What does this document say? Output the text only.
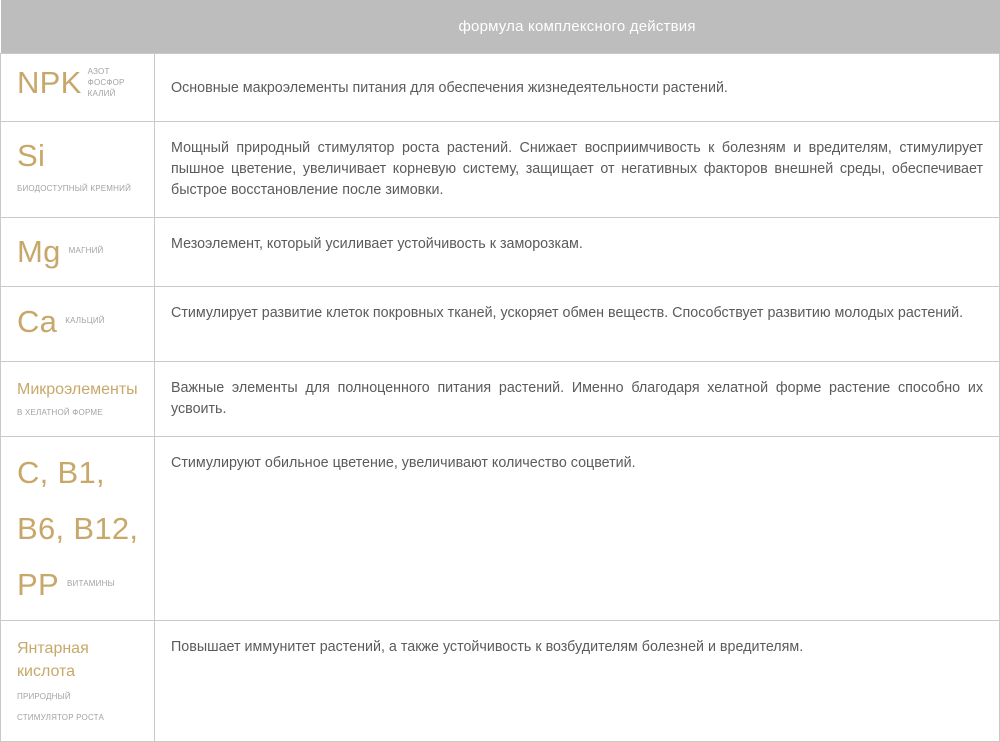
	формула комплексного действия

NPK АЗОТ
ФОСФОР
КАЛИЙ	Основные макроэлементы питания для обеспечения жизнедеятельности растений.

Si
БИОДОСТУПНЫЙ КРЕМНИЙ	Мощный природный стимулятор роста растений. Снижает восприимчивость к болезням и вредителям, стимулирует пышное цветение, увеличивает корневую систему, защищает от негативных факторов внешней среды, обеспечивает быстрое восстановление после зимовки.

Mg МАГНИЙ	Мезоэлемент, который усиливает устойчивость к заморозкам.

Ca КАЛЬЦИЙ	Стимулирует развитие клеток покровных тканей, ускоряет обмен веществ. Способствует развитию молодых растений.

Микроэлементы
В ХЕЛАТНОЙ ФОРМЕ	Важные элементы для полноценного питания растений. Именно благодаря хелатной форме растение способно их усвоить.

C, B1,
B6, B12,
PP ВИТАМИНЫ	Стимулируют обильное цветение, увеличивают количество соцветий.

Янтарная
кислота
ПРИРОДНЫЙ
СТИМУЛЯТОР РОСТА	Повышает иммунитет растений, а также устойчивость к возбудителям болезней и вредителям.
